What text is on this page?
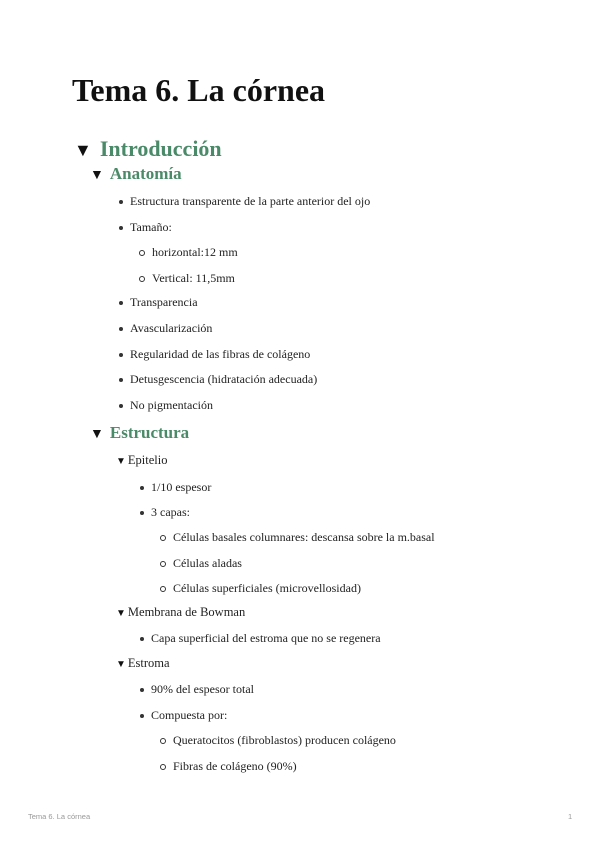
Tema 6. La córnea
▼ Introducción
▼ Anatomía
Estructura transparente de la parte anterior del ojo
Tamaño:
horizontal:12 mm
Vertical: 11,5mm
Transparencia
Avascularización
Regularidad de las fibras de colágeno
Detusgescencia (hidratación adecuada)
No pigmentación
▼ Estructura
▼ Epitelio
1/10 espesor
3 capas:
Células basales columnares: descansa sobre la m.basal
Células aladas
Células superficiales (microvellosidad)
▼ Membrana de Bowman
Capa superficial del estroma que no se regenera
▼ Estroma
90% del espesor total
Compuesta por:
Queratocitos (fibroblastos) producen colágeno
Fibras de colágeno (90%)
Tema 6. La córnea	1
